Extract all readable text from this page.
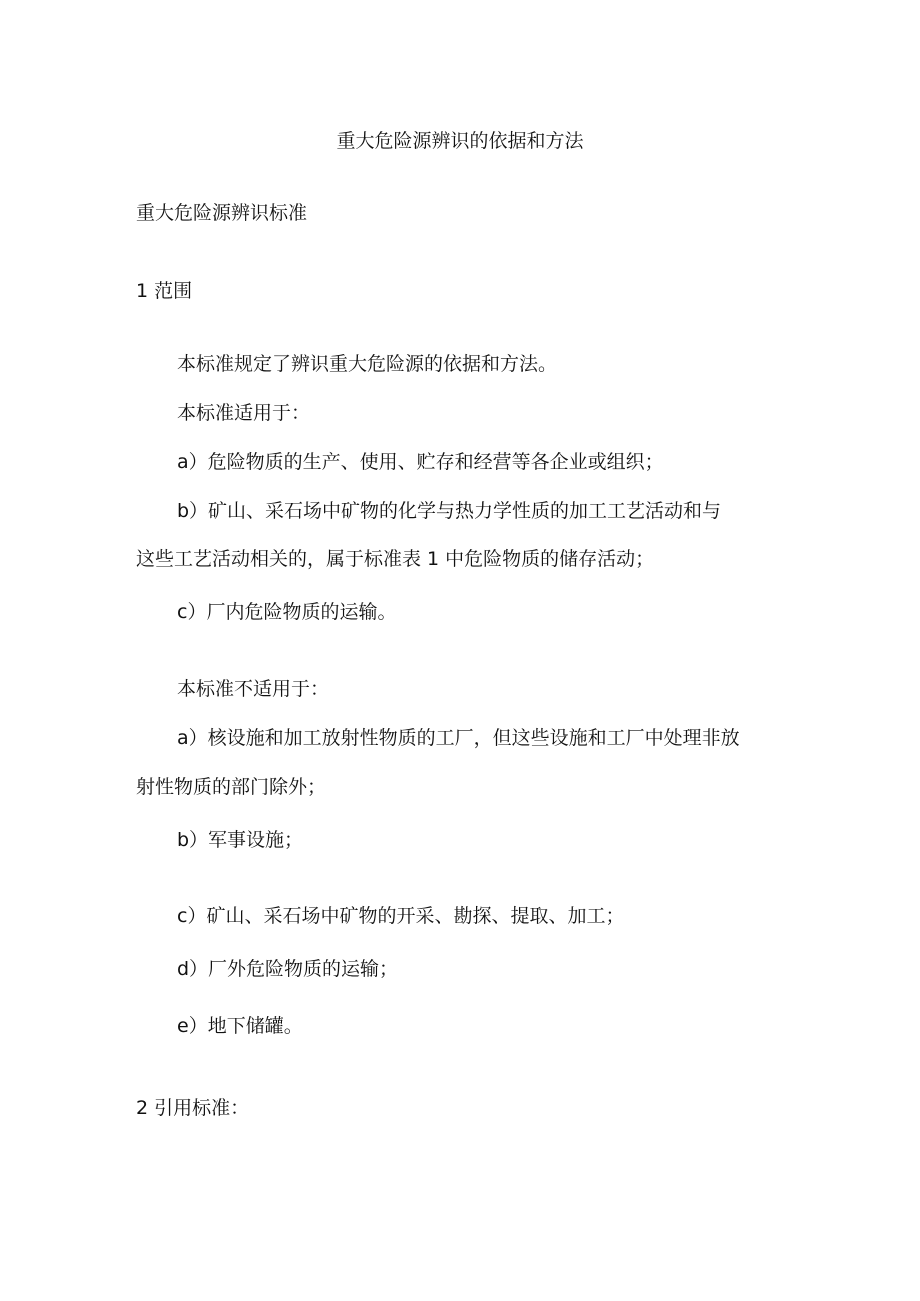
重大危险源辨识的依据和方法
重大危险源辨识标准
1 范围
本标准规定了辨识重大危险源的依据和方法。
本标准适用于：
a）危险物质的生产、使用、贮存和经营等各企业或组织；
b）矿山、采石场中矿物的化学与热力学性质的加工工艺活动和与
这些工艺活动相关的，属于标准表 1 中危险物质的储存活动；
c）厂内危险物质的运输。
本标准不适用于：
a）核设施和加工放射性物质的工厂，但这些设施和工厂中处理非放
射性物质的部门除外；
b）军事设施；
c）矿山、采石场中矿物的开采、勘探、提取、加工；
d）厂外危险物质的运输；
e）地下储罐。
2 引用标准：
